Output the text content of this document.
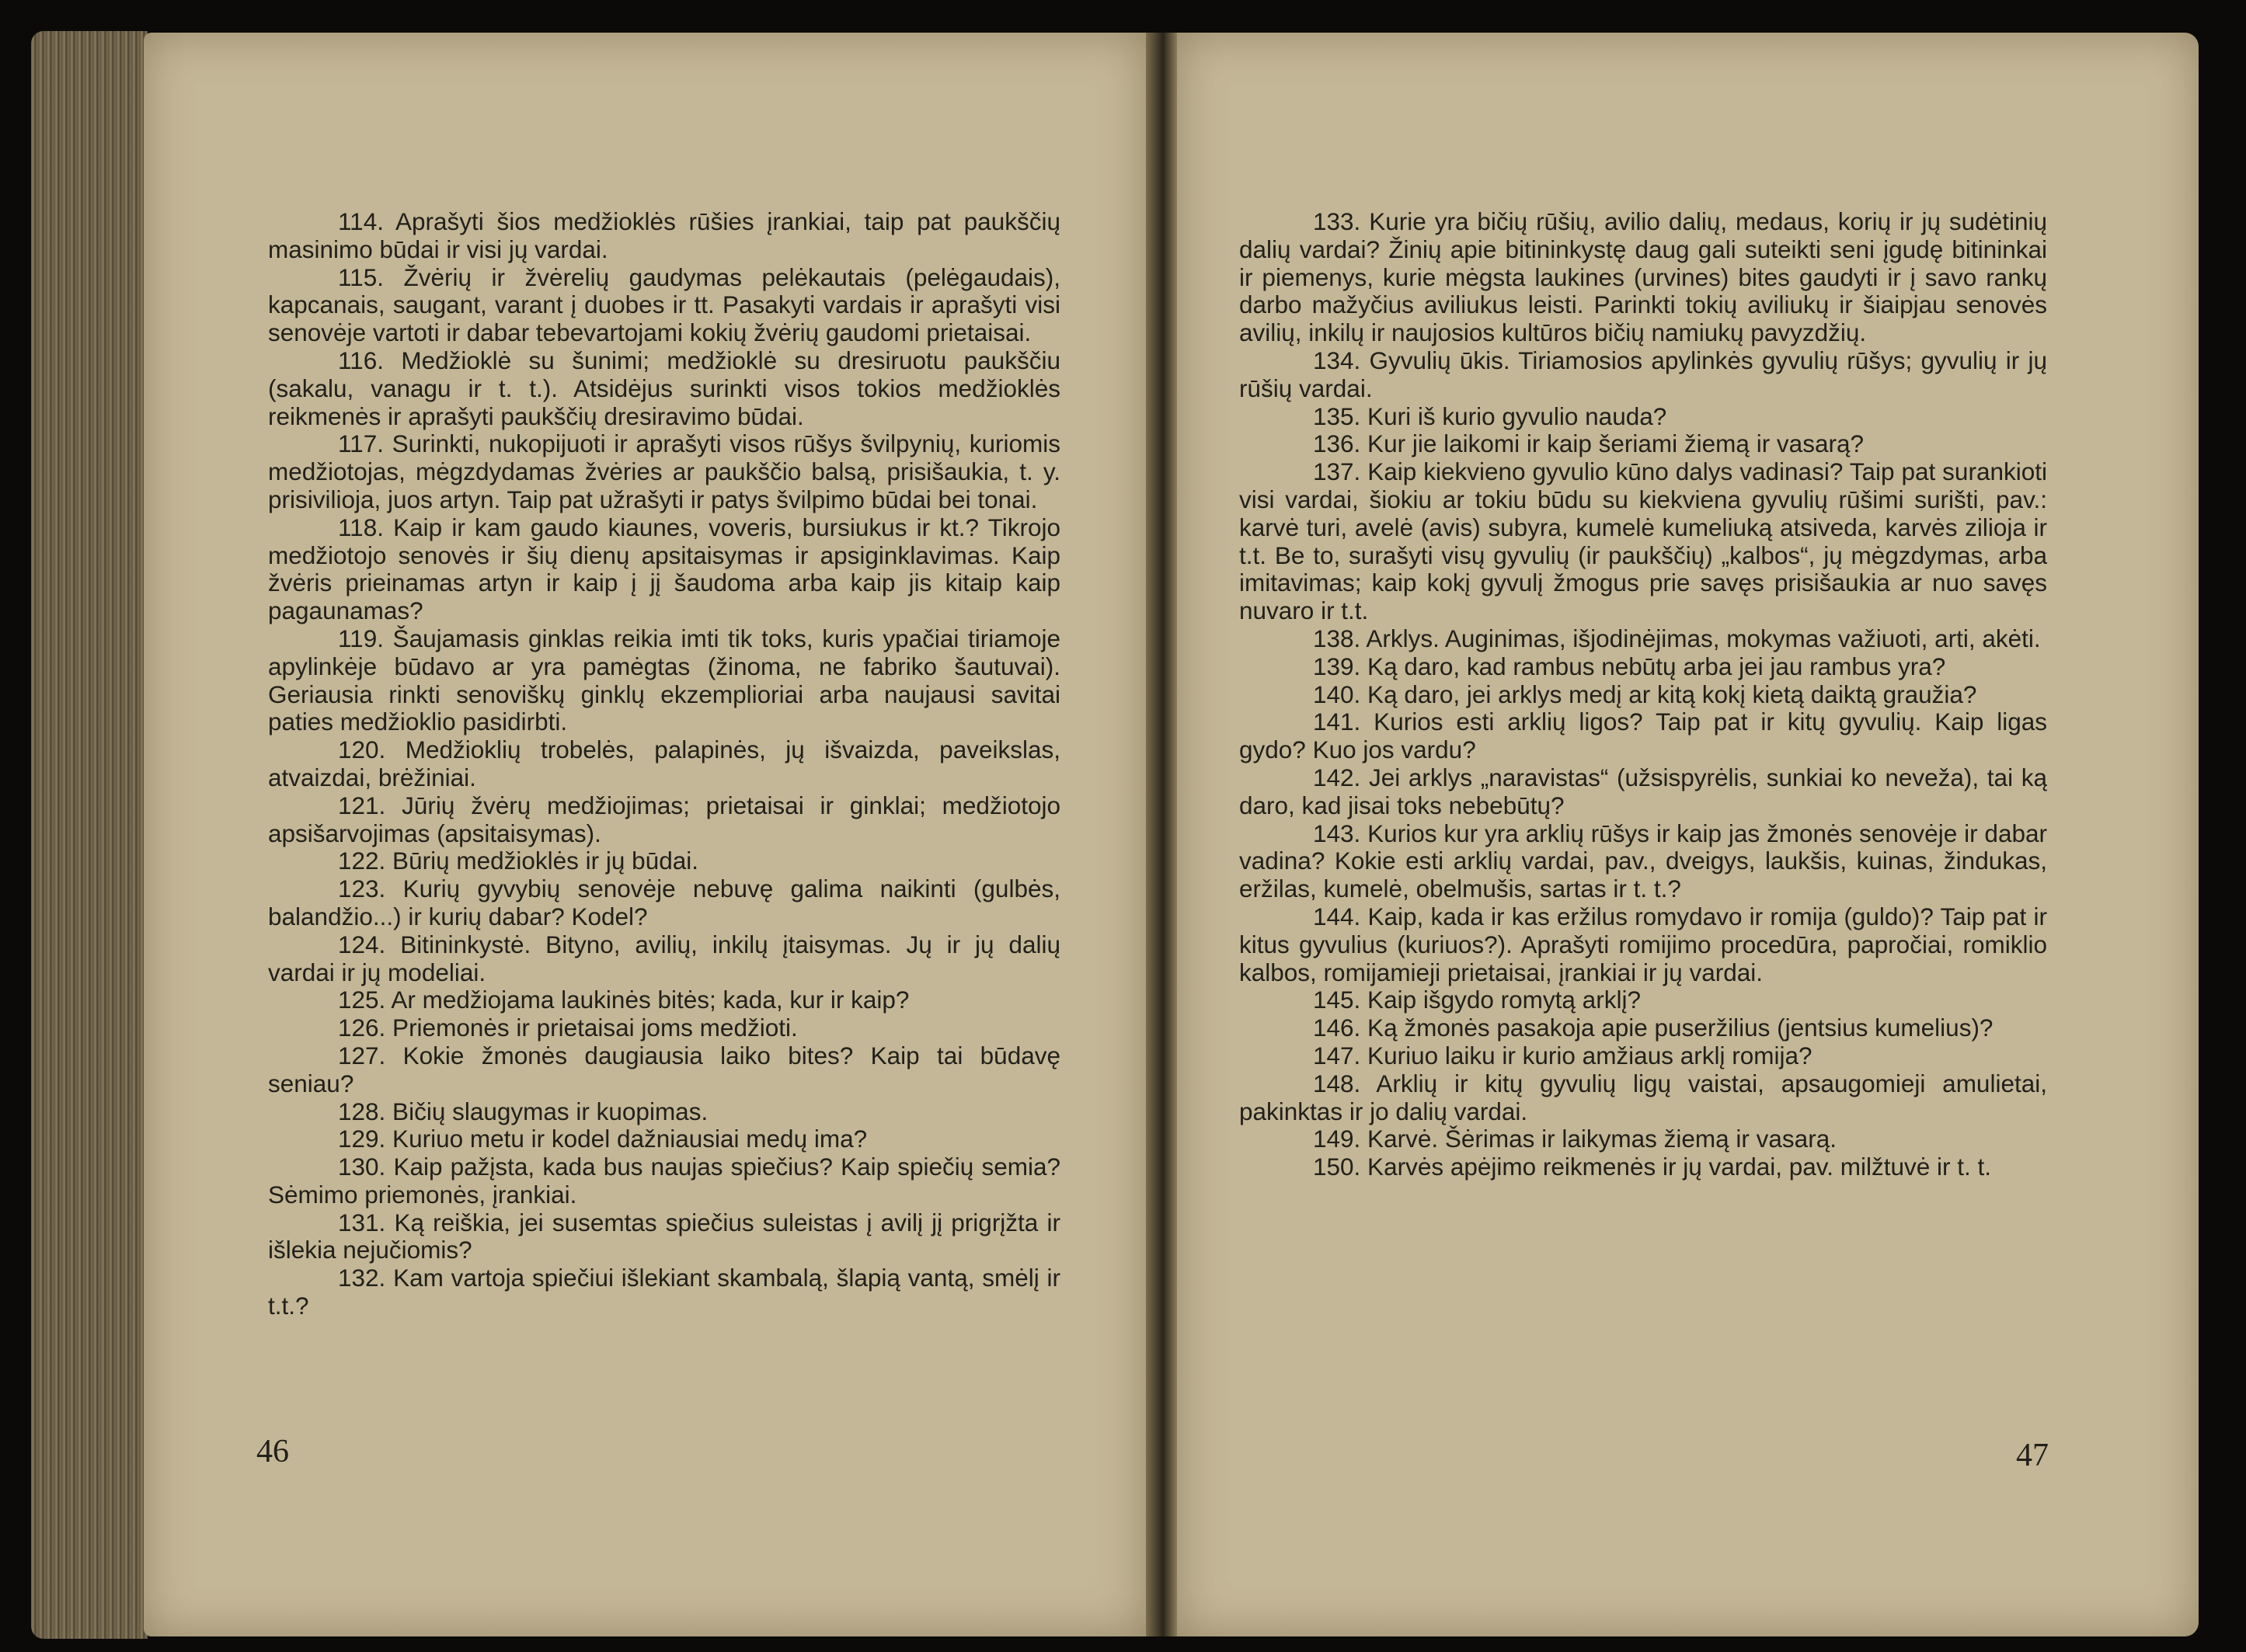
114. Aprašyti šios medžioklės rūšies įrankiai, taip pat paukščių masinimo būdai ir visi jų vardai.

115. Žvėrių ir žvėrelių gaudymas pelėkautais (pelėgaudais), kapcanais, saugant, varant į duobes ir tt. Pasakyti vardais ir aprašyti visi senovėje vartoti ir dabar tebevartojami kokių žvėrių gaudomi prietaisai.

116. Medžioklė su šunimi; medžioklė su dresiruotu paukščiu (sakalu, vanagu ir t. t.). Atsidėjus surinkti visos tokios medžioklės reikmenės ir aprašyti paukščių dresiravimo būdai.

117. Surinkti, nukopijuoti ir aprašyti visos rūšys švilpynių, kuriomis medžiotojas, mėgzdydamas žvėries ar paukščio balsą, prisišaukia, t. y. prisivilioja, juos artyn. Taip pat užrašyti ir patys švilpimo būdai bei tonai.

118. Kaip ir kam gaudo kiaunes, voveris, bursiukus ir kt.? Tikrojo medžiotojo senovės ir šių dienų apsitaisymas ir apsiginklavimas. Kaip žvėris prieinamas artyn ir kaip į jį šaudoma arba kaip jis kitaip kaip pagaunamas?

119. Šaujamasis ginklas reikia imti tik toks, kuris ypačiai tiriamoje apylinkėje būdavo ar yra pamėgtas (žinoma, ne fabriko šautuvai). Geriausia rinkti senoviškų ginklų ekzemplioriai arba naujausi savitai paties medžioklio pasidirbti.

120. Medžioklių trobelės, palapinės, jų išvaizda, paveikslas, atvaizdai, brėžiniai.

121. Jūrių žvėrų medžiojimas; prietaisai ir ginklai; medžiotojo apsišarvojimas (apsitaisymas).

122. Būrių medžioklės ir jų būdai.

123. Kurių gyvybių senovėje nebuvę galima naikinti (gulbės, balandžio...) ir kurių dabar? Kodel?

124. Bitininkystė. Bityno, avilių, inkilų įtaisymas. Jų ir jų dalių vardai ir jų modeliai.

125. Ar medžiojama laukinės bitės; kada, kur ir kaip?

126. Priemonės ir prietaisai joms medžioti.

127. Kokie žmonės daugiausia laiko bites? Kaip tai būdavę seniau?

128. Bičių slaugymas ir kuopimas.

129. Kuriuo metu ir kodel dažniausiai medų ima?

130. Kaip pažįsta, kada bus naujas spiečius? Kaip spiečių semia? Sėmimo priemonės, įrankiai.

131. Ką reiškia, jei susemtas spiečius suleistas į avilį jį prigrįžta ir išlekia nejučiomis?

132. Kam vartoja spiečiui išlekiant skambalą, šlapią vantą, smėlį ir t.t.?

46

133. Kurie yra bičių rūšių, avilio dalių, medaus, korių ir jų sudėtinių dalių vardai? Žinių apie bitininkystę daug gali suteikti seni įgudę bitininkai ir piemenys, kurie mėgsta laukines (urvines) bites gaudyti ir į savo rankų darbo mažyčius aviliukus leisti. Parinkti tokių aviliukų ir šiaipjau senovės avilių, inkilų ir naujosios kultūros bičių namiukų pavyzdžių.

134. Gyvulių ūkis. Tiriamosios apylinkės gyvulių rūšys; gyvulių ir jų rūšių vardai.

135. Kuri iš kurio gyvulio nauda?

136. Kur jie laikomi ir kaip šeriami žiemą ir vasarą?

137. Kaip kiekvieno gyvulio kūno dalys vadinasi? Taip pat surankioti visi vardai, šiokiu ar tokiu būdu su kiekviena gyvulių rūšimi surišti, pav.: karvė turi, avelė (avis) subyra, kumelė kumeliuką atsiveda, karvės zilioja ir t.t. Be to, surašyti visų gyvulių (ir paukščių) „kalbos“, jų mėgzdymas, arba imitavimas; kaip kokį gyvulį žmogus prie savęs prisišaukia ar nuo savęs nuvaro ir t.t.

138. Arklys. Auginimas, išjodinėjimas, mokymas važiuoti, arti, akėti.

139. Ką daro, kad rambus nebūtų arba jei jau rambus yra?

140. Ką daro, jei arklys medį ar kitą kokį kietą daiktą graužia?

141. Kurios esti arklių ligos? Taip pat ir kitų gyvulių. Kaip ligas gydo? Kuo jos vardu?

142. Jei arklys „naravistas“ (užsispyrėlis, sunkiai ko neveža), tai ką daro, kad jisai toks nebebūtų?

143. Kurios kur yra arklių rūšys ir kaip jas žmonės senovėje ir dabar vadina? Kokie esti arklių vardai, pav., dveigys, laukšis, kuinas, žindukas, eržilas, kumelė, obelmušis, sartas ir t. t.?

144. Kaip, kada ir kas eržilus romydavo ir romija (guldo)? Taip pat ir kitus gyvulius (kuriuos?). Aprašyti romijimo procedūra, papročiai, romiklio kalbos, romijamieji prietaisai, įrankiai ir jų vardai.

145. Kaip išgydo romytą arklį?

146. Ką žmonės pasakoja apie puseržilius (jentsius kumelius)?

147. Kuriuo laiku ir kurio amžiaus arklį romija?

148. Arklių ir kitų gyvulių ligų vaistai, apsaugomieji amulietai, pakinktas ir jo dalių vardai.

149. Karvė. Šėrimas ir laikymas žiemą ir vasarą.

150. Karvės apėjimo reikmenės ir jų vardai, pav. milžtuvė ir t. t.

47
